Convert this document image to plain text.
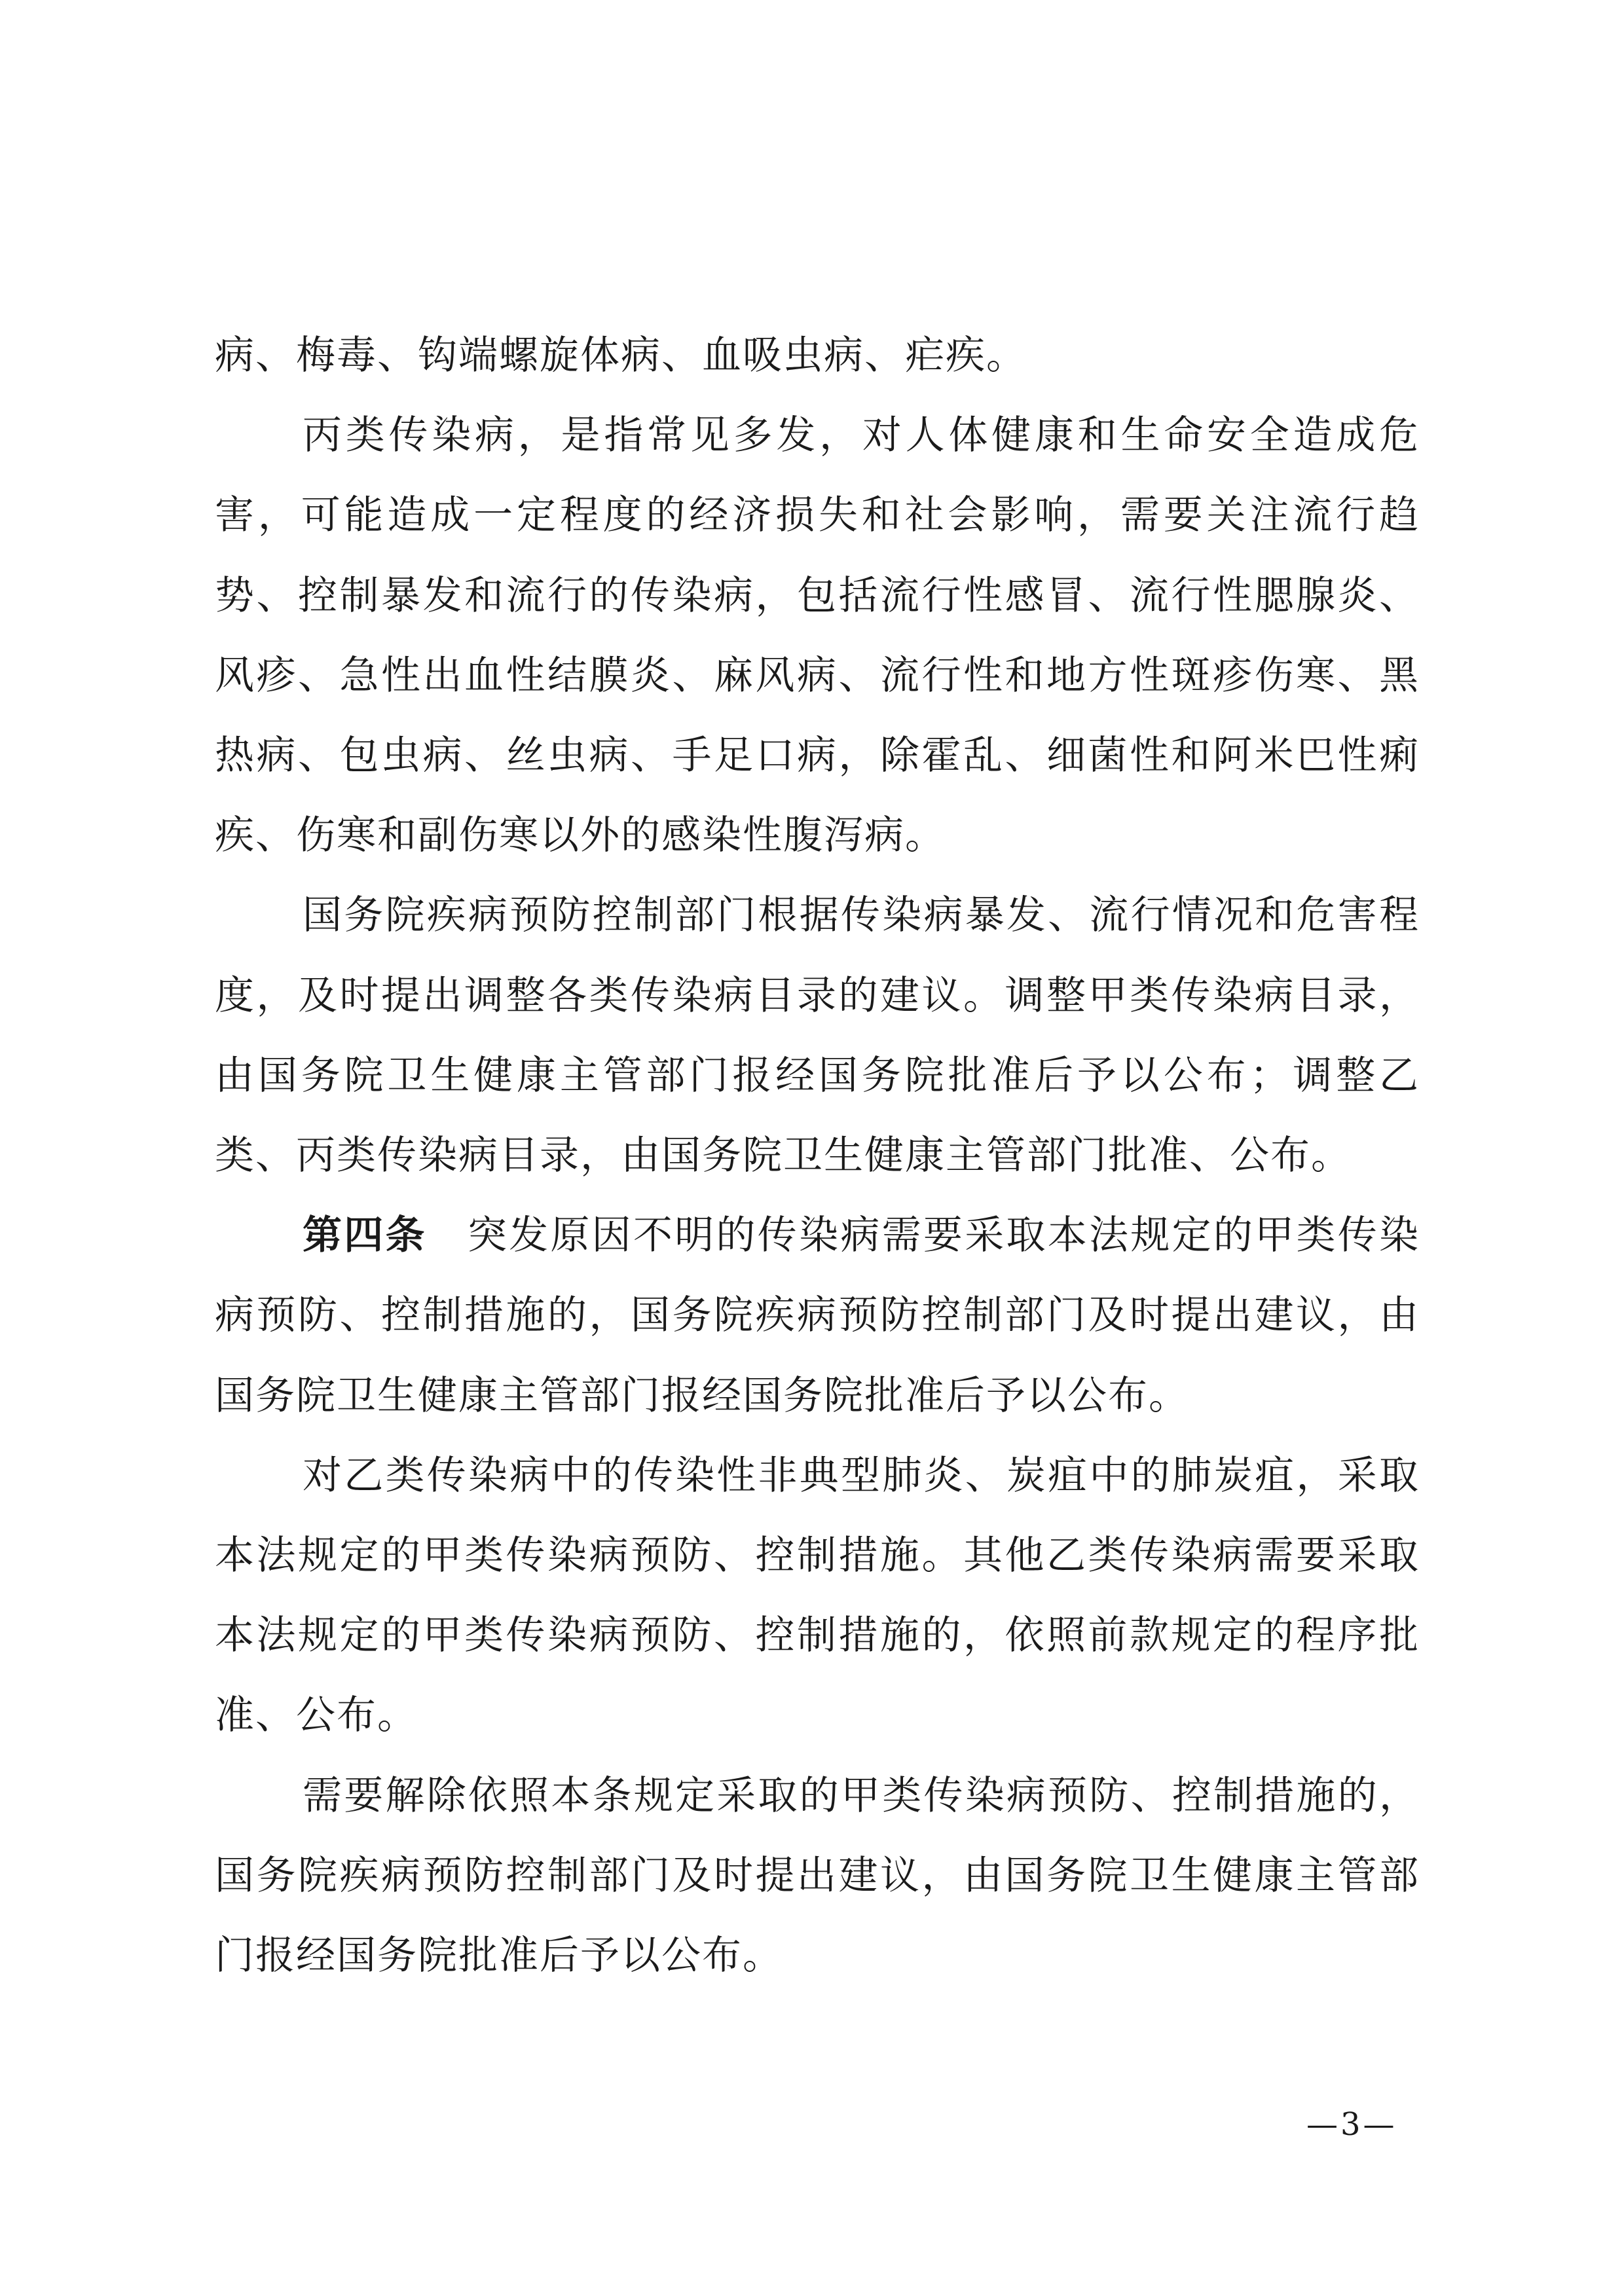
病、梅毒、钩端螺旋体病、血吸虫病、疟疾。

丙类传染病，是指常见多发，对人体健康和生命安全造成危害，可能造成一定程度的经济损失和社会影响，需要关注流行趋势、控制暴发和流行的传染病，包括流行性感冒、流行性腮腺炎、风疹、急性出血性结膜炎、麻风病、流行性和地方性斑疹伤寒、黑热病、包虫病、丝虫病、手足口病，除霍乱、细菌性和阿米巴性痢疾、伤寒和副伤寒以外的感染性腹泻病。

国务院疾病预防控制部门根据传染病暴发、流行情况和危害程度，及时提出调整各类传染病目录的建议。调整甲类传染病目录，由国务院卫生健康主管部门报经国务院批准后予以公布；调整乙类、丙类传染病目录，由国务院卫生健康主管部门批准、公布。

第四条 突发原因不明的传染病需要采取本法规定的甲类传染病预防、控制措施的，国务院疾病预防控制部门及时提出建议，由国务院卫生健康主管部门报经国务院批准后予以公布。

对乙类传染病中的传染性非典型肺炎、炭疽中的肺炭疽，采取本法规定的甲类传染病预防、控制措施。其他乙类传染病需要采取本法规定的甲类传染病预防、控制措施的，依照前款规定的程序批准、公布。

需要解除依照本条规定采取的甲类传染病预防、控制措施的，国务院疾病预防控制部门及时提出建议，由国务院卫生健康主管部门报经国务院批准后予以公布。

—3—
